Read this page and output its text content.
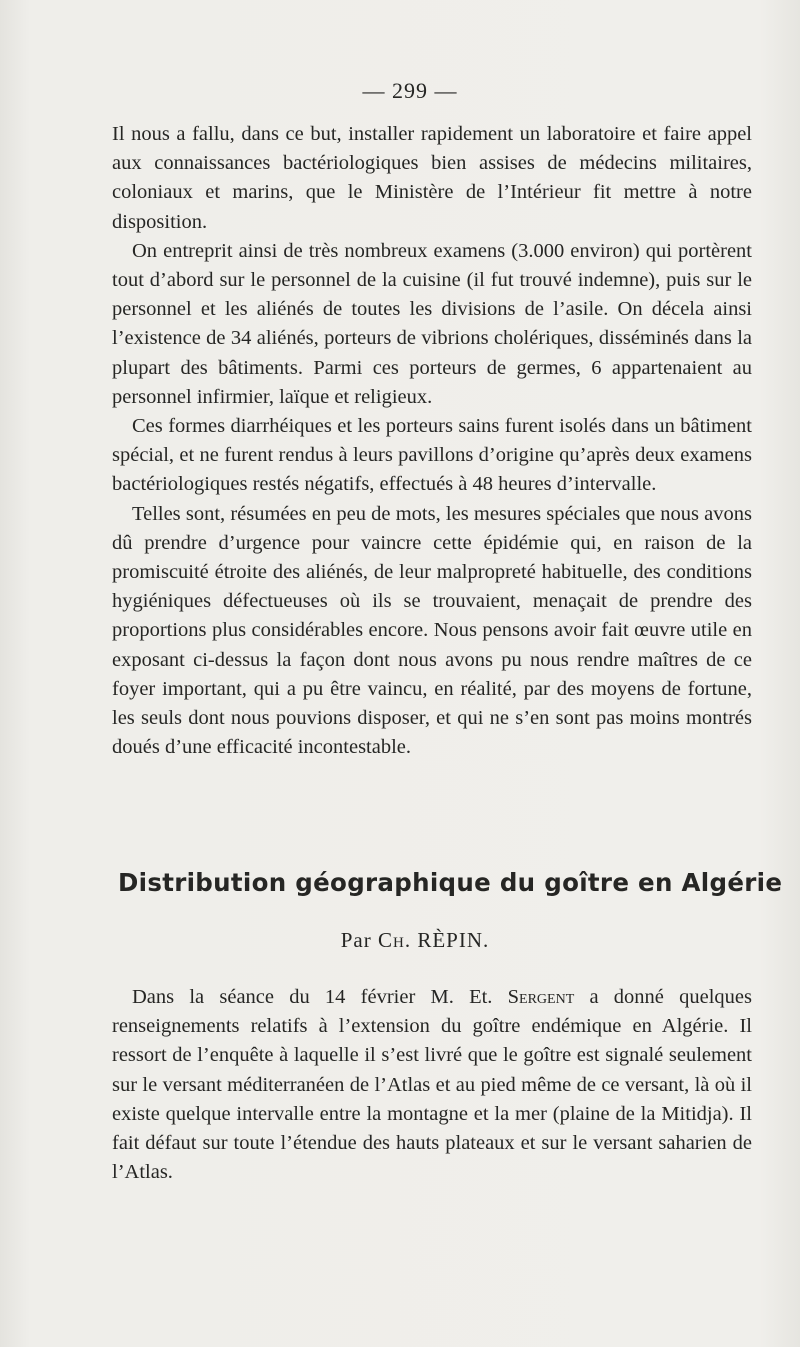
— 299 —

Il nous a fallu, dans ce but, installer rapidement un laboratoire et faire appel aux connaissances bactériologiques bien assises de médecins militaires, coloniaux et marins, que le Ministère de l’Intérieur fit mettre à notre disposition.

On entreprit ainsi de très nombreux examens (3.000 environ) qui portèrent tout d’abord sur le personnel de la cuisine (il fut trouvé indemne), puis sur le personnel et les aliénés de toutes les divisions de l’asile. On décela ainsi l’existence de 34 aliénés, porteurs de vibrions cholériques, disséminés dans la plupart des bâtiments. Parmi ces porteurs de germes, 6 appartenaient au personnel infirmier, laïque et religieux.

Ces formes diarrhéiques et les porteurs sains furent isolés dans un bâtiment spécial, et ne furent rendus à leurs pavillons d’origine qu’après deux examens bactériologiques restés négatifs, effectués à 48 heures d’intervalle.

Telles sont, résumées en peu de mots, les mesures spéciales que nous avons dû prendre d’urgence pour vaincre cette épidémie qui, en raison de la promiscuité étroite des aliénés, de leur malpropreté habituelle, des conditions hygiéniques défectueuses où ils se trouvaient, menaçait de prendre des proportions plus considérables encore. Nous pensons avoir fait œuvre utile en exposant ci-dessus la façon dont nous avons pu nous rendre maîtres de ce foyer important, qui a pu être vaincu, en réalité, par des moyens de fortune, les seuls dont nous pouvions disposer, et qui ne s’en sont pas moins montrés doués d’une efficacité incontestable.

Distribution géographique du goître en Algérie
Par Ch. RÈPIN.

Dans la séance du 14 février M. Et. Sergent a donné quelques renseignements relatifs à l’extension du goître endémique en Algérie. Il ressort de l’enquête à laquelle il s’est livré que le goître est signalé seulement sur le versant méditerranéen de l’Atlas et au pied même de ce versant, là où il existe quelque intervalle entre la montagne et la mer (plaine de la Mitidja). Il fait défaut sur toute l’étendue des hauts plateaux et sur le versant saharien de l’Atlas.
